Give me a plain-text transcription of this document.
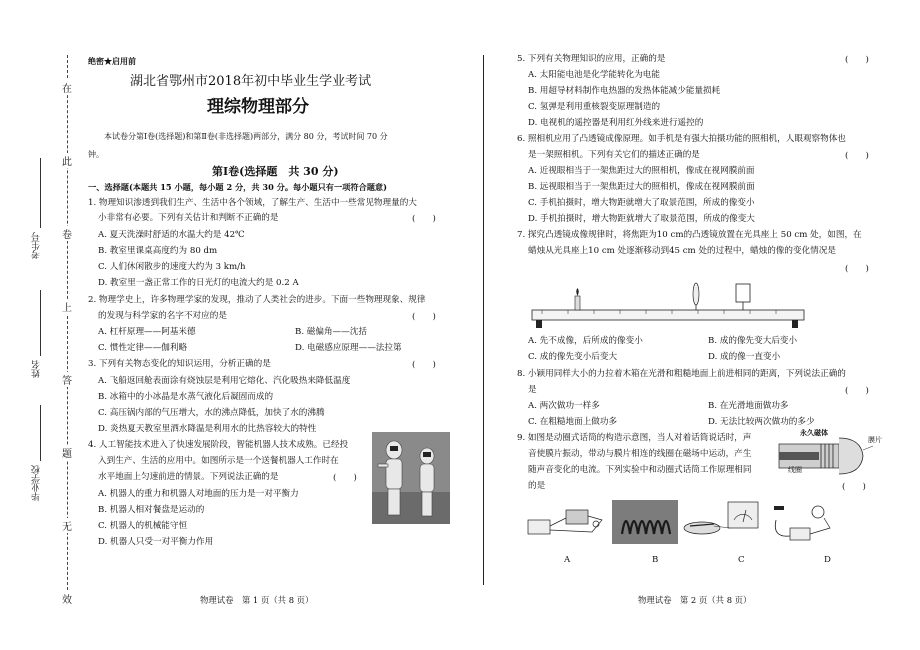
在
此
卷
上
答
题
无
效
考生号
姓名
毕业学校
绝密★启用前
湖北省鄂州市2018年初中毕业生学业考试
理综物理部分
本试卷分第Ⅰ卷(选择题)和第Ⅱ卷(非选择题)两部分，满分 80 分，考试时间 70 分
钟。
第Ⅰ卷(选择题　共 30 分)
一、选择题(本题共 15 小题，每小题 2 分，共 30 分。每小题只有一项符合题意)
1. 物理知识渗透到我们生产、生活中各个领域，了解生产、生活中一些常见物理量的大
小非常有必要。下列有关估计和判断不正确的是	(　　)
A. 夏天洗澡时舒适的水温大约是 42℃
B. 教室里课桌高度约为 80 dm
C. 人们休闲散步的速度大约为 3 km/h
D. 教室里一盏正常工作的日光灯的电流大约是 0.2 A
2. 物理学史上，许多物理学家的发现，推动了人类社会的进步。下面一些物理现象、规律
的发现与科学家的名字不对应的是	(　　)
A. 杠杆原理——阿基米德	B. 磁偏角——沈括
C. 惯性定律——伽利略	D. 电磁感应原理——法拉第
3. 下列有关物态变化的知识运用，分析正确的是	(　　)
A. 飞船返回舱表面涂有烧蚀层是利用它熔化、汽化吸热来降低温度
B. 冰箱中的小冰晶是水蒸气液化后凝固而成的
C. 高压锅内部的气压增大，水的沸点降低，加快了水的沸腾
D. 炎热夏天教室里洒水降温是利用水的比热容较大的特性
4. 人工智能技术进入了快速发展阶段，智能机器人技术成熟。已经投
入到生产、生活的应用中。如图所示是一个送餐机器人工作时在
水平地面上匀速前进的情景。下列说法正确的是	(　　)
A. 机器人的重力和机器人对地面的压力是一对平衡力
B. 机器人相对餐盘是运动的
C. 机器人的机械能守恒
D. 机器人只受一对平衡力作用
物理试卷　第 1 页（共 8 页）
5. 下列有关物理知识的应用，正确的是	(　　)
A. 太阳能电池是化学能转化为电能
B. 用超导材料制作电热器的发热体能减少能量损耗
C. 氢弹是利用重核裂变原理制造的
D. 电视机的遥控器是利用红外线来进行遥控的
6. 照相机应用了凸透镜成像原理。如手机是有强大拍摄功能的照相机，人眼观察物体也
是一架照相机。下列有关它们的描述正确的是	(　　)
A. 近视眼相当于一架焦距过大的照相机，像成在视网膜前面
B. 远视眼相当于一架焦距过大的照相机，像成在视网膜前面
C. 手机拍摄时，增大物距就增大了取景范围，所成的像变小
D. 手机拍摄时，增大物距就增大了取景范围，所成的像变大
7. 探究凸透镜成像规律时，将焦距为10 cm的凸透镜放置在光具座上 50 cm 处，如图，在
蜡烛从光具座上10 cm 处逐渐移动到45 cm 处的过程中，蜡烛的像的变化情况是
(　　)
A. 先不成像，后所成的像变小	B. 成的像先变大后变小
C. 成的像先变小后变大	D. 成的像一直变小
8. 小颖用同样大小的力拉着木箱在光滑和粗糙地面上前进相同的距离，下列说法正确的
是	(　　)
A. 两次做功一样多	B. 在光滑地面做功多
C. 在粗糙地面上做功多	D. 无法比较两次做功的多少
9. 如图是动圈式话筒的构造示意图，当人对着话筒说话时，声
音使膜片振动，带动与膜片相连的线圈在磁场中运动，产生
随声音变化的电流。下列实验中和动圈式话筒工作原理相同
的是	(　　)
永久磁体
线圈
膜片
A	B	C	D
物理试卷　第 2 页（共 8 页）
